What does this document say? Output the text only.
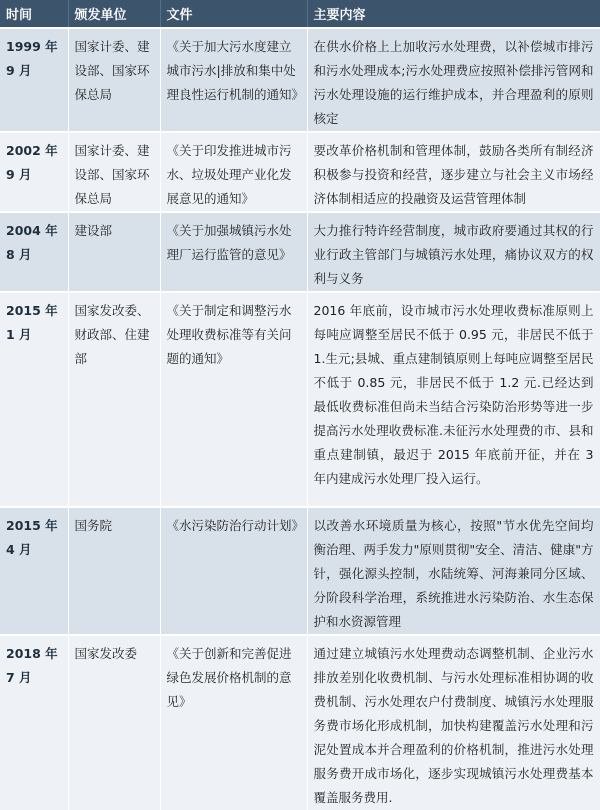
时间	颁发单位	文件	主要内容
1999 年 9 月	国家计委、建设部、国家环保总局	《关于加大污水度建立城市污水|排放和集中处理良性运行机制的通知》	在供水价格上上加收污水处理费，以补偿城市排污和污水处理成本;污水处理费应按照补偿排污管网和污水处理设施的运行维护成本，并合理盈利的原则核定
2002 年 9 月	国家计委、建设部、国家环保总局	《关于印发推进城市污水、垃圾处理产业化发展意见的通知》	要改革价格机制和管理体制，鼓励各类所有制经济积极参与投资和经营，逐步建立与社会主义市场经济体制相适应的投融资及运营管理体制
2004 年 8 月	建设部	《关于加强城镇污水处理厂运行监管的意见》	大力推行特许经营制度，城市政府要通过其权的行业行政主管部门与城镇污水处理，痛协议双方的权利与义务
2015 年 1 月	国家发改委、财政部、住建部	《关于制定和调整污水处理收费标准等有关问题的通知》	2016 年底前，设市城市污水处理收费标准原则上每吨应调整至居民不低于 0.95 元，非居民不低于 1.生元;县城、重点建制镇原则上每吨应调整至居民不低于 0.85 元，非居民不低于 1.2 元.已经达到最低收费标准但尚未当结合污染防治形势等进一步提高污水处理收费标准.未征污水处理费的市、县和重点建制镇，最迟于 2015 年底前开征，并在 3 年内建成污水处理厂投入运行。
2015 年 4 月	国务院	《水污染防治行动计划》	以改善水环境质量为核心，按照"节水优先空间均衡治理、两手发力"原则贯彻"安全、清洁、健康"方针，强化源头控制，水陆统筹、河海兼同分区域、分阶段科学治理，系统推进水污染防治、水生态保护和水资源管理
2018 年 7 月	国家发改委	《关于创新和完善促进绿色发展价格机制的意见》	通过建立城镇污水处理费动态调整机制、企业污水排放差别化收费机制、与污水处理标准相协调的收费机制、污水处理农户付费制度、城镇污水处理服务费市场化形成机制，加快构建覆盖污水处理和污泥处置成本并合理盈利的价格机制，推进污水处理服务费开成市场化，逐步实现城镇污水处理费基本覆盖服务费用.
